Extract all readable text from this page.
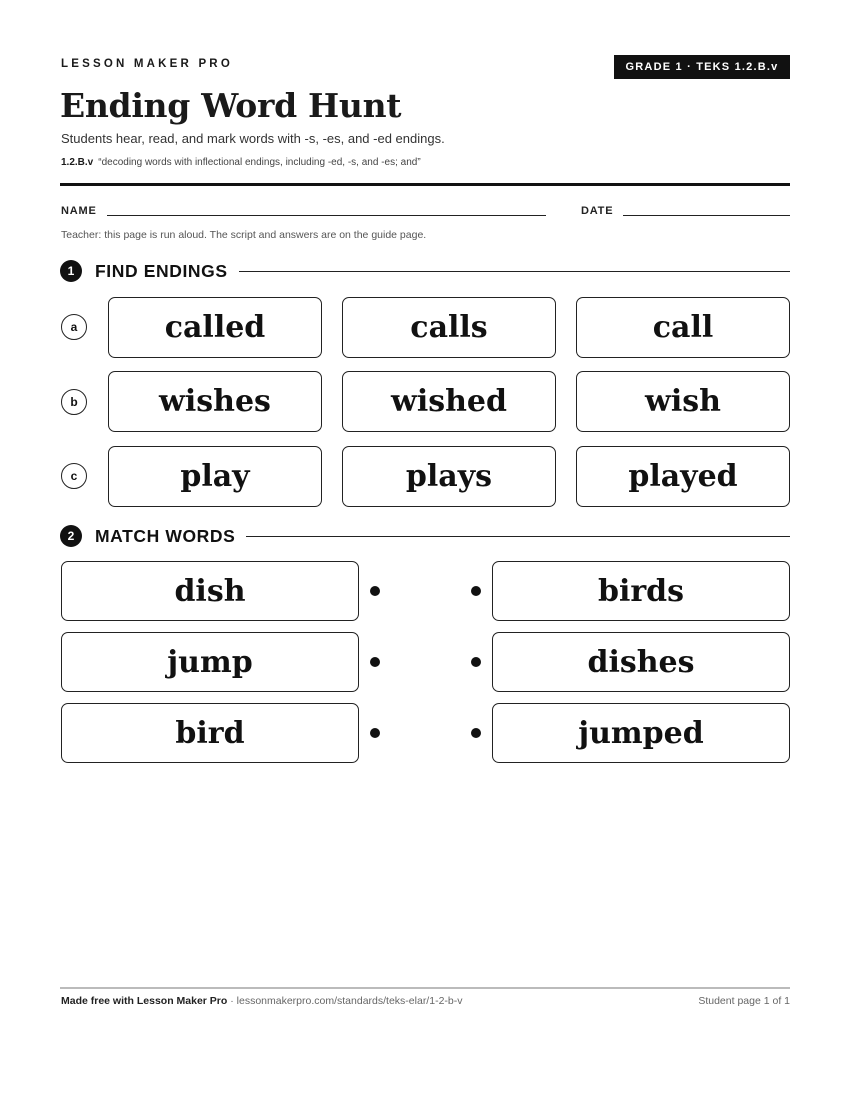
LESSON MAKER PRO	GRADE 1 · TEKS 1.2.B.v
Ending Word Hunt
Students hear, read, and mark words with -s, -es, and -ed endings.
1.2.B.v “decoding words with inflectional endings, including -ed, -s, and -es; and”
NAME	DATE
Teacher: this page is run aloud. The script and answers are on the guide page.
1	FIND ENDINGS
a	called	calls	call
b	wishes	wished	wish
c	play	plays	played
2	MATCH WORDS
dish	birds
jump	dishes
bird	jumped
Made free with Lesson Maker Pro · lessonmakerpro.com/standards/teks-elar/1-2-b-v	Student page 1 of 1
